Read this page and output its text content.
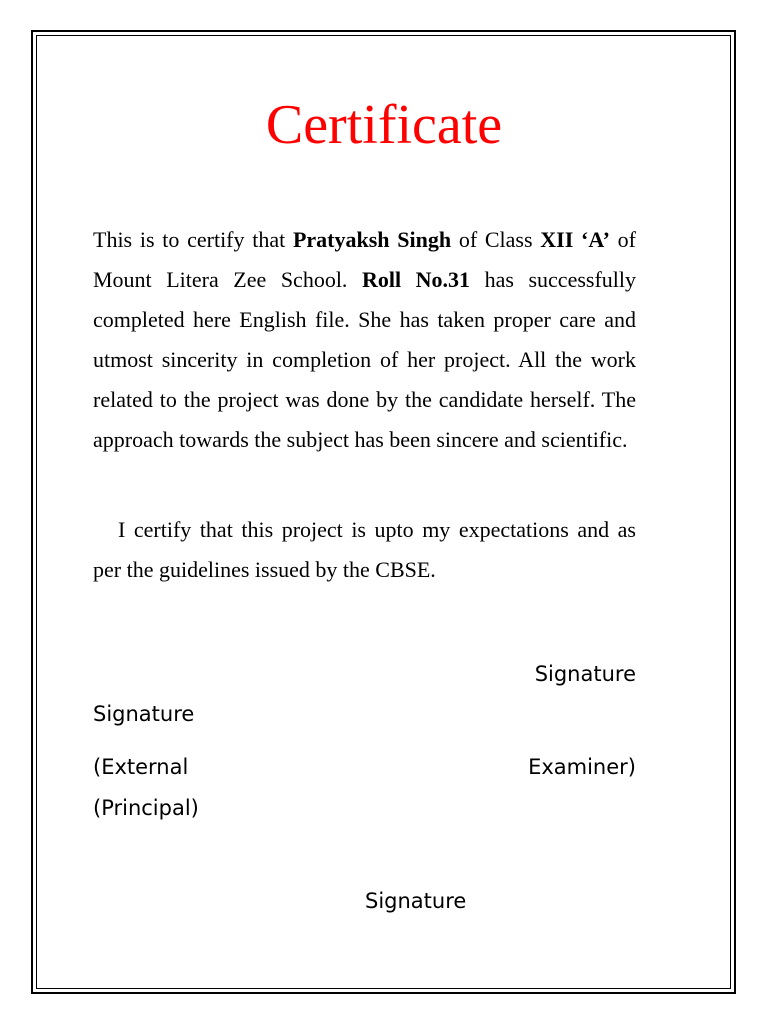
Certificate
This is to certify that Pratyaksh Singh of Class XII ‘A’ of Mount Litera Zee School. Roll No.31 has successfully completed here English file. She has taken proper care and utmost sincerity in completion of her project. All the work related to the project was done by the candidate herself. The approach towards the subject has been sincere and scientific.
I certify that this project is upto my expectations and as per the guidelines issued by the CBSE.
Signature
Signature
(External	Examiner)
(Principal)
Signature
